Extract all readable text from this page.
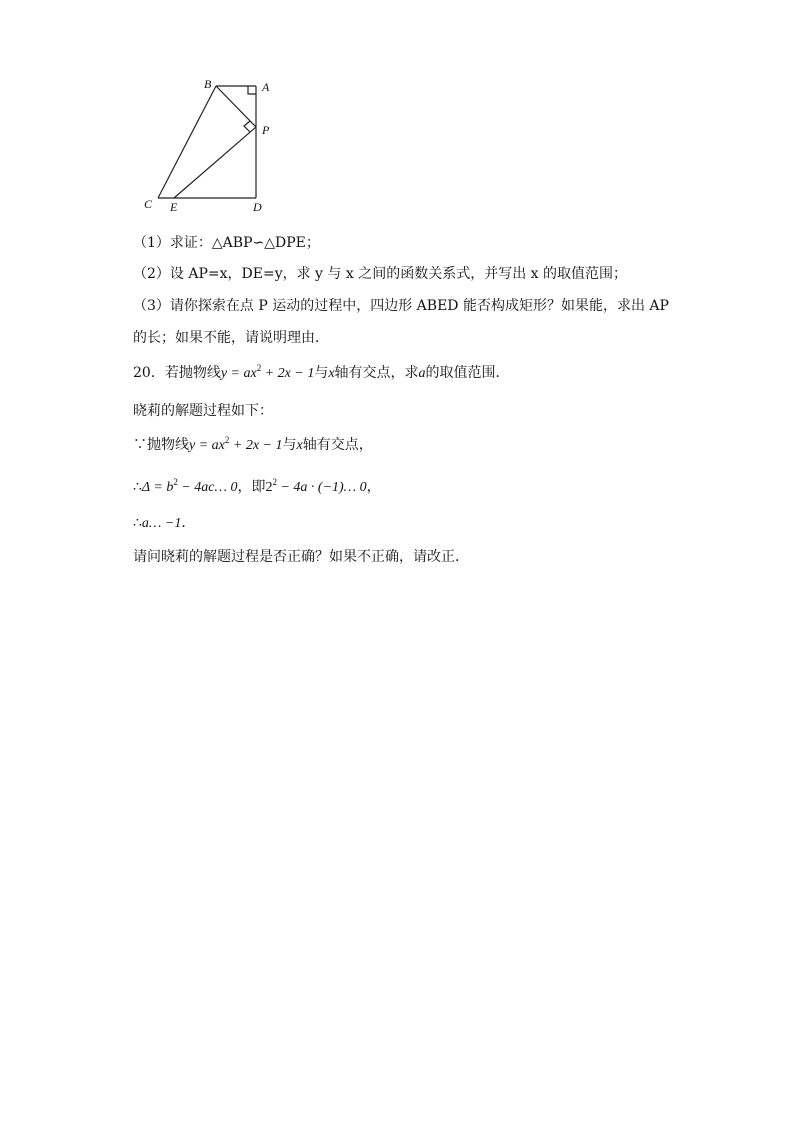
B	A
P
C E	D
（1）求证：△ABP∽△DPE；
（2）设 AP=x，DE=y，求 y 与 x 之间的函数关系式，并写出 x 的取值范围；
（3）请你探索在点 P 运动的过程中，四边形 ABED 能否构成矩形？如果能，求出 AP
的长；如果不能，请说明理由．
20．若抛物线$y = ax^2 + 2x - 1$与x轴有交点，求a的取值范围．
晓莉的解题过程如下：
∵抛物线$y = ax^2 + 2x - 1$与x轴有交点，
∴Δ = $b^2$ − 4ac… 0，即$2^2 - 4a$ · (−1)… 0，
∴a… −1．
请问晓莉的解题过程是否正确？如果不正确，请改正．
